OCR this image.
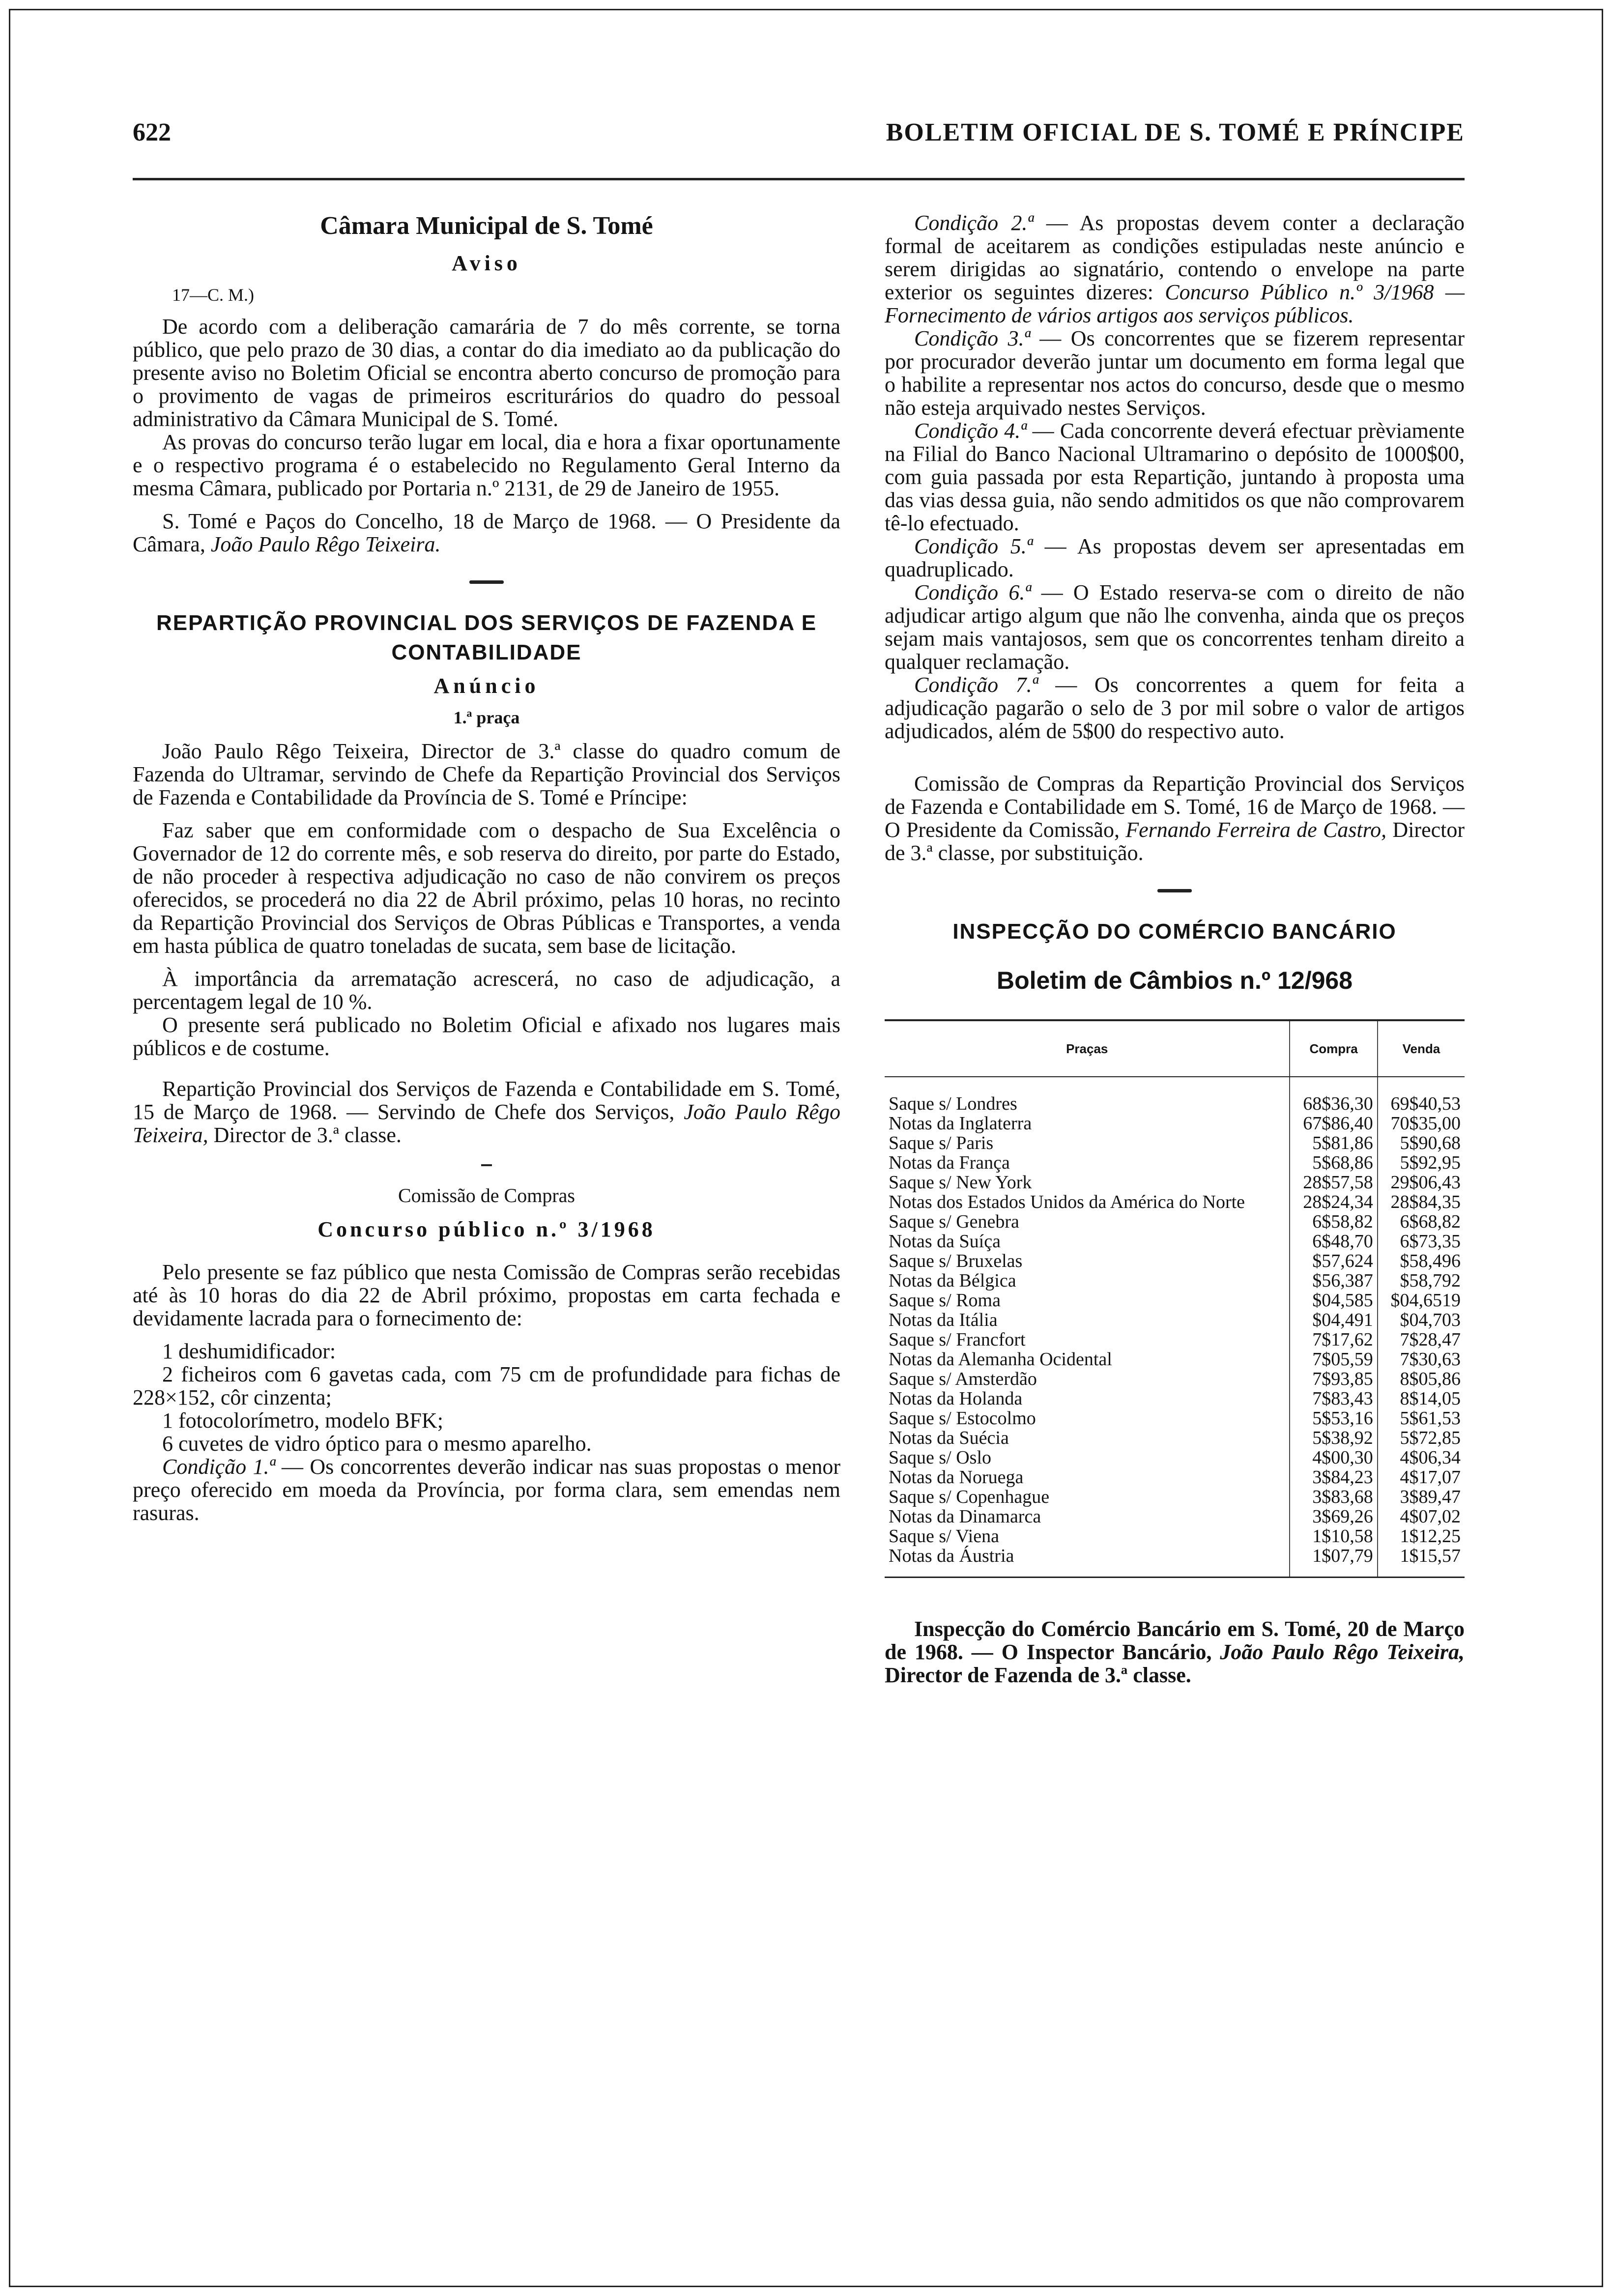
622	BOLETIM OFICIAL DE S. TOMÉ E PRÍNCIPE
Câmara Municipal de S. Tomé
Aviso

17—C. M.)

De acordo com a deliberação camarária de 7 do mês corrente, se torna público, que pelo prazo de 30 dias, a contar do dia imediato ao da publicação do presente aviso no Boletim Oficial se encontra aberto concurso de promoção para o provimento de vagas de primeiros escriturários do quadro do pessoal administrativo da Câmara Municipal de S. Tomé.

As provas do concurso terão lugar em local, dia e hora a fixar oportunamente e o respectivo programa é o estabelecido no Regulamento Geral Interno da mesma Câmara, publicado por Portaria n.º 2131, de 29 de Janeiro de 1955.

S. Tomé e Paços do Concelho, 18 de Março de 1968. — O Presidente da Câmara, João Paulo Rêgo Teixeira.

REPARTIÇÃO PROVINCIAL DOS SERVIÇOS DE FAZENDA E CONTABILIDADE
Anúncio
1.ª praça

João Paulo Rêgo Teixeira, Director de 3.ª classe do quadro comum de Fazenda do Ultramar, servindo de Chefe da Repartição Provincial dos Serviços de Fazenda e Contabilidade da Província de S. Tomé e Príncipe:

Faz saber que em conformidade com o despacho de Sua Excelência o Governador de 12 do corrente mês, e sob reserva do direito, por parte do Estado, de não proceder à respectiva adjudicação no caso de não convirem os preços oferecidos, se procederá no dia 22 de Abril próximo, pelas 10 horas, no recinto da Repartição Provincial dos Serviços de Obras Públicas e Transportes, a venda em hasta pública de quatro toneladas de sucata, sem base de licitação.

À importância da arrematação acrescerá, no caso de adjudicação, a percentagem legal de 10 %.

O presente será publicado no Boletim Oficial e afixado nos lugares mais públicos e de costume.

Repartição Provincial dos Serviços de Fazenda e Contabilidade em S. Tomé, 15 de Março de 1968. — Servindo de Chefe dos Serviços, João Paulo Rêgo Teixeira, Director de 3.ª classe.

Comissão de Compras
Concurso público n.º 3/1968

Pelo presente se faz público que nesta Comissão de Compras serão recebidas até às 10 horas do dia 22 de Abril próximo, propostas em carta fechada e devidamente lacrada para o fornecimento de:

1 deshumidificador:

2 ficheiros com 6 gavetas cada, com 75 cm de profundidade para fichas de 228×152, côr cinzenta;

1 fotocolorímetro, modelo BFK;

6 cuvetes de vidro óptico para o mesmo aparelho.

Condição 1.ª — Os concorrentes deverão indicar nas suas propostas o menor preço oferecido em moeda da Província, por forma clara, sem emendas nem rasuras.

Condição 2.ª — As propostas devem conter a declaração formal de aceitarem as condições estipuladas neste anúncio e serem dirigidas ao signatário, contendo o envelope na parte exterior os seguintes dizeres: Concurso Público n.º 3/1968 — Fornecimento de vários artigos aos serviços públicos.

Condição 3.ª — Os concorrentes que se fizerem representar por procurador deverão juntar um documento em forma legal que o habilite a representar nos actos do concurso, desde que o mesmo não esteja arquivado nestes Serviços.

Condição 4.ª — Cada concorrente deverá efectuar prèviamente na Filial do Banco Nacional Ultramarino o depósito de 1000$00, com guia passada por esta Repartição, juntando à proposta uma das vias dessa guia, não sendo admitidos os que não comprovarem tê-lo efectuado.

Condição 5.ª — As propostas devem ser apresentadas em quadruplicado.

Condição 6.ª — O Estado reserva-se com o direito de não adjudicar artigo algum que não lhe convenha, ainda que os preços sejam mais vantajosos, sem que os concorrentes tenham direito a qualquer reclamação.

Condição 7.ª — Os concorrentes a quem for feita a adjudicação pagarão o selo de 3 por mil sobre o valor de artigos adjudicados, além de 5$00 do respectivo auto.

Comissão de Compras da Repartição Provincial dos Serviços de Fazenda e Contabilidade em S. Tomé, 16 de Março de 1968. — O Presidente da Comissão, Fernando Ferreira de Castro, Director de 3.ª classe, por substituição.

INSPECÇÃO DO COMÉRCIO BANCÁRIO
Boletim de Câmbios n.º 12/968
Praças	Compra	Venda
Saque s/ Londres	68$36,30	69$40,53
Notas da Inglaterra	67$86,40	70$35,00
Saque s/ Paris	5$81,86	5$90,68
Notas da França	5$68,86	5$92,95
Saque s/ New York	28$57,58	29$06,43
Notas dos Estados Unidos da América do Norte	28$24,34	28$84,35
Saque s/ Genebra	6$58,82	6$68,82
Notas da Suíça	6$48,70	6$73,35
Saque s/ Bruxelas	$57,624	$58,496
Notas da Bélgica	$56,387	$58,792
Saque s/ Roma	$04,585	$04,6519
Notas da Itália	$04,491	$04,703
Saque s/ Francfort	7$17,62	7$28,47
Notas da Alemanha Ocidental	7$05,59	7$30,63
Saque s/ Amsterdão	7$93,85	8$05,86
Notas da Holanda	7$83,43	8$14,05
Saque s/ Estocolmo	5$53,16	5$61,53
Notas da Suécia	5$38,92	5$72,85
Saque s/ Oslo	4$00,30	4$06,34
Notas da Noruega	3$84,23	4$17,07
Saque s/ Copenhague	3$83,68	3$89,47
Notas da Dinamarca	3$69,26	4$07,02
Saque s/ Viena	1$10,58	1$12,25
Notas da Áustria	1$07,79	1$15,57

Inspecção do Comércio Bancário em S. Tomé, 20 de Março de 1968. — O Inspector Bancário, João Paulo Rêgo Teixeira, Director de Fazenda de 3.ª classe.
